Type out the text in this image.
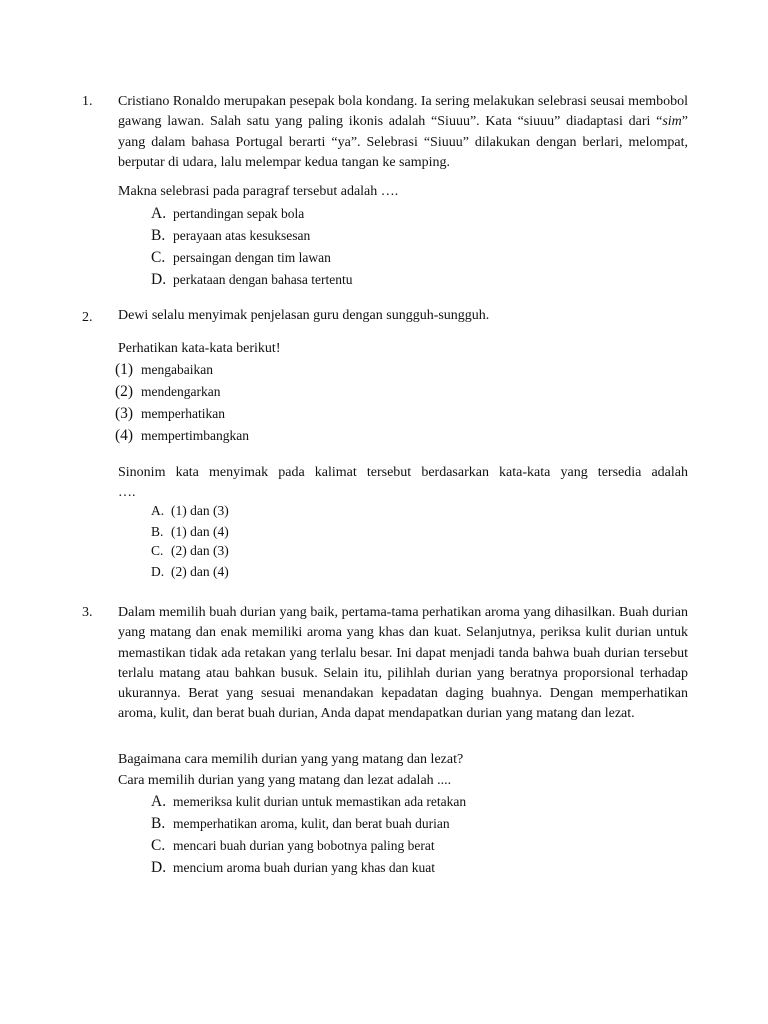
1. Cristiano Ronaldo merupakan pesepak bola kondang. Ia sering melakukan selebrasi seusai membobol gawang lawan. Salah satu yang paling ikonis adalah “Siuuu”. Kata “siuuu” diadaptasi dari “sim” yang dalam bahasa Portugal berarti “ya”. Selebrasi “Siuuu” dilakukan dengan berlari, melompat, berputar di udara, lalu melempar kedua tangan ke samping.

Makna selebrasi pada paragraf tersebut adalah ….
A. pertandingan sepak bola
B. perayaan atas kesuksesan
C. persaingan dengan tim lawan
D. perkataan dengan bahasa tertentu
2. Dewi selalu menyimak penjelasan guru dengan sungguh-sungguh.
Perhatikan kata-kata berikut!
(1) mengabaikan
(2) mendengarkan
(3) memperhatikan
(4) mempertimbangkan

Sinonim kata menyimak pada kalimat tersebut berdasarkan kata-kata yang tersedia adalah

….

A. (1) dan (3)
B. (1) dan (4)
C. (2) dan (3)
D. (2) dan (4)
3. Dalam memilih buah durian yang baik, pertama-tama perhatikan aroma yang dihasilkan. Buah durian yang matang dan enak memiliki aroma yang khas dan kuat. Selanjutnya, periksa kulit durian untuk memastikan tidak ada retakan yang terlalu besar. Ini dapat menjadi tanda bahwa buah durian tersebut terlalu matang atau bahkan busuk. Selain itu, pilihlah durian yang beratnya proporsional terhadap ukurannya. Berat yang sesuai menandakan kepadatan daging buahnya. Dengan memperhatikan aroma, kulit, dan berat buah durian, Anda dapat mendapatkan durian yang matang dan lezat.

Bagaimana cara memilih durian yang yang matang dan lezat?
Cara memilih durian yang yang matang dan lezat adalah ....
A. memeriksa kulit durian untuk memastikan ada retakan
B. memperhatikan aroma, kulit, dan berat buah durian
C. mencari buah durian yang bobotnya paling berat
D. mencium aroma buah durian yang khas dan kuat
